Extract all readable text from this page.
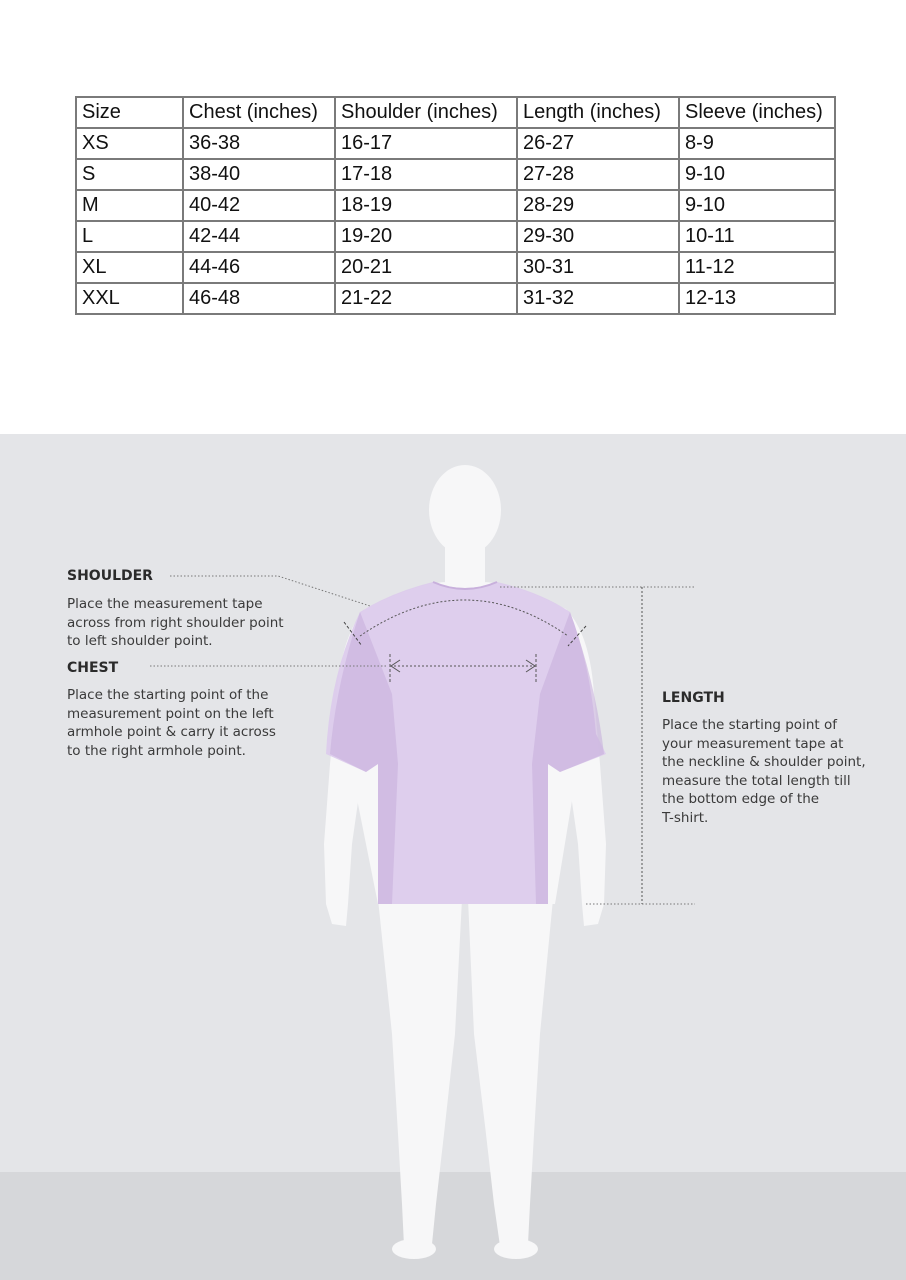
Size	Chest (inches)	Shoulder (inches)	Length (inches)	Sleeve (inches)
XS	36-38	16-17	26-27	8-9
S	38-40	17-18	27-28	9-10
M	40-42	18-19	28-29	9-10
L	42-44	19-20	29-30	10-11
XL	44-46	20-21	30-31	11-12
XXL	46-48	21-22	31-32	12-13
SHOULDER
Place the measurement tape
across from right shoulder point
to left shoulder point.
CHEST
Place the starting point of the
measurement point on the left
armhole point & carry it across
to the right armhole point.
LENGTH
Place the starting point of
your measurement tape at
the neckline & shoulder point,
measure the total length till
the bottom edge of the
T-shirt.
